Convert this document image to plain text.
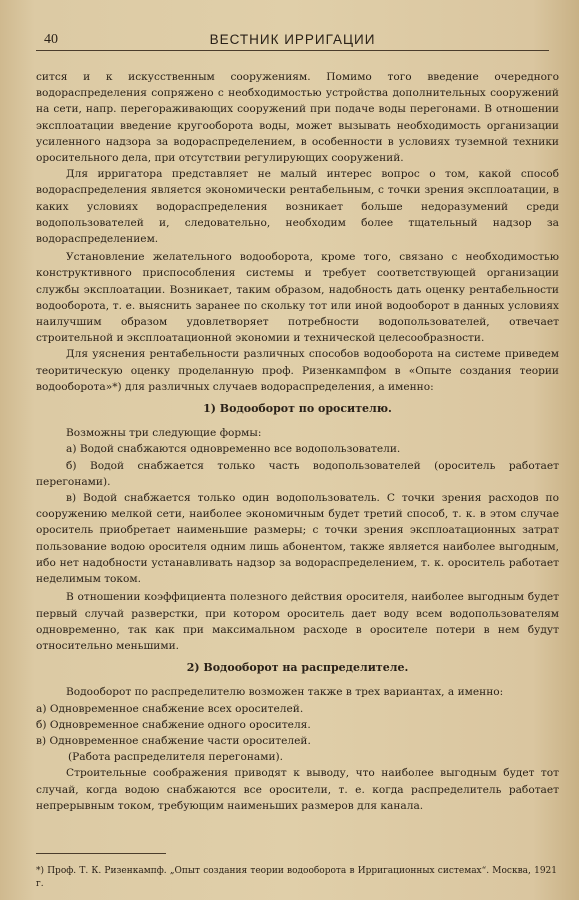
40	ВЕСТНИК ИРРИГАЦИИ

сится и к искусственным сооружениям. Помимо того введение очередного водораспределения сопряжено с необходимостью устройства дополнительных сооружений на сети, напр. перегораживающих сооружений при подаче воды перегонами. В отношении эксплоатации введение кругооборота воды, может вызывать необходимость организации усиленного надзора за водораспределением, в особенности в условиях туземной техники оросительного дела, при отсутствии регулирующих сооружений.

Для ирригатора представляет не малый интерес вопрос о том, какой способ водораспределения является экономически рентабельным, с точки зрения эксплоатации, в каких условиях водораспределения возникает больше недоразумений среди водопользователей и, следовательно, необходим более тщательный надзор за водораспределением.

Установление желательного водооборота, кроме того, связано с необходимостью конструктивного приспособления системы и требует соответствующей организации службы эксплоатации. Возникает, таким образом, надобность дать оценку рентабельности водооборота, т. е. выяснить заранее по скольку тот или иной водооборот в данных условиях наилучшим образом удовлетворяет потребности водопользователей, отвечает строительной и эксплоатационной экономии и технической целесообразности.

Для уяснения рентабельности различных способов водооборота на системе приведем теоритическую оценку проделанную проф. Ризенкампфом в «Опыте создания теории водооборота»*) для различных случаев водораспределения, а именно:

1) Водооборот по оросителю.

Возможны три следующие формы:

а) Водой снабжаются одновременно все водопользователи.

б) Водой снабжается только часть водопользователей (ороситель работает перегонами).

в) Водой снабжается только один водопользователь. С точки зрения расходов по сооружению мелкой сети, наиболее экономичным будет третий способ, т. к. в этом случае ороситель приобретает наименьшие размеры; с точки зрения эксплоатационных затрат пользование водою оросителя одним лишь абонентом, также является наиболее выгодным, ибо нет надобности устанавливать надзор за водораспределением, т. к. ороситель работает неделимым током.

В отношении коэффициента полезного действия оросителя, наиболее выгодным будет первый случай разверстки, при котором ороситель дает воду всем водопользователям одновременно, так как при максимальном расходе в оросителе потери в нем будут относительно меньшими.

2) Водооборот на распределителе.

Водооборот по распределителю возможен также в трех вариантах, а именно:

а) Одновременное снабжение всех оросителей.

б) Одновременное снабжение одного оросителя.

в) Одновременное снабжение части оросителей.

(Работа распределителя перегонами).

Строительные соображения приводят к выводу, что наиболее выгодным будет тот случай, когда водою снабжаются все оросители, т. е. когда распределитель работает непрерывным током, требующим наименьших размеров для канала.

*) Проф. Т. К. Ризенкампф. „Опыт создания теории водооборота в Ирригационных системах“. Москва, 1921 г.
